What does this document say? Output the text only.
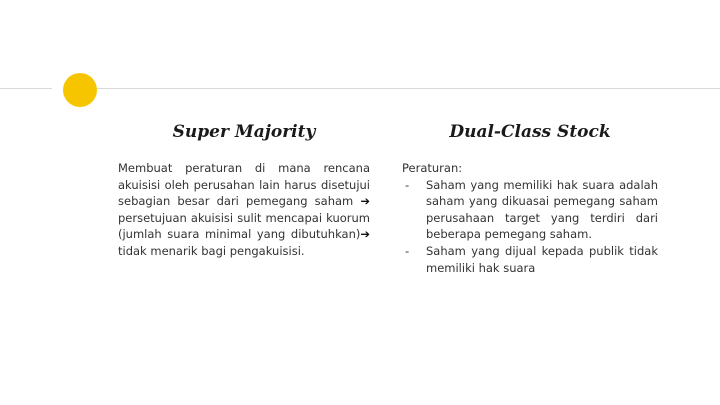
Super Majority

Membuat peraturan di mana rencana akuisisi oleh perusahan lain harus disetujui sebagian besar dari pemegang saham ➔ persetujuan akuisisi sulit mencapai kuorum (jumlah suara minimal yang dibutuhkan)➔ tidak menarik bagi pengakuisisi.

Dual-Class Stock

Peraturan:

- Saham yang memiliki hak suara adalah saham yang dikuasai pemegang saham perusahaan target yang terdiri dari beberapa pemegang saham.
- Saham yang dijual kepada publik tidak memiliki hak suara
